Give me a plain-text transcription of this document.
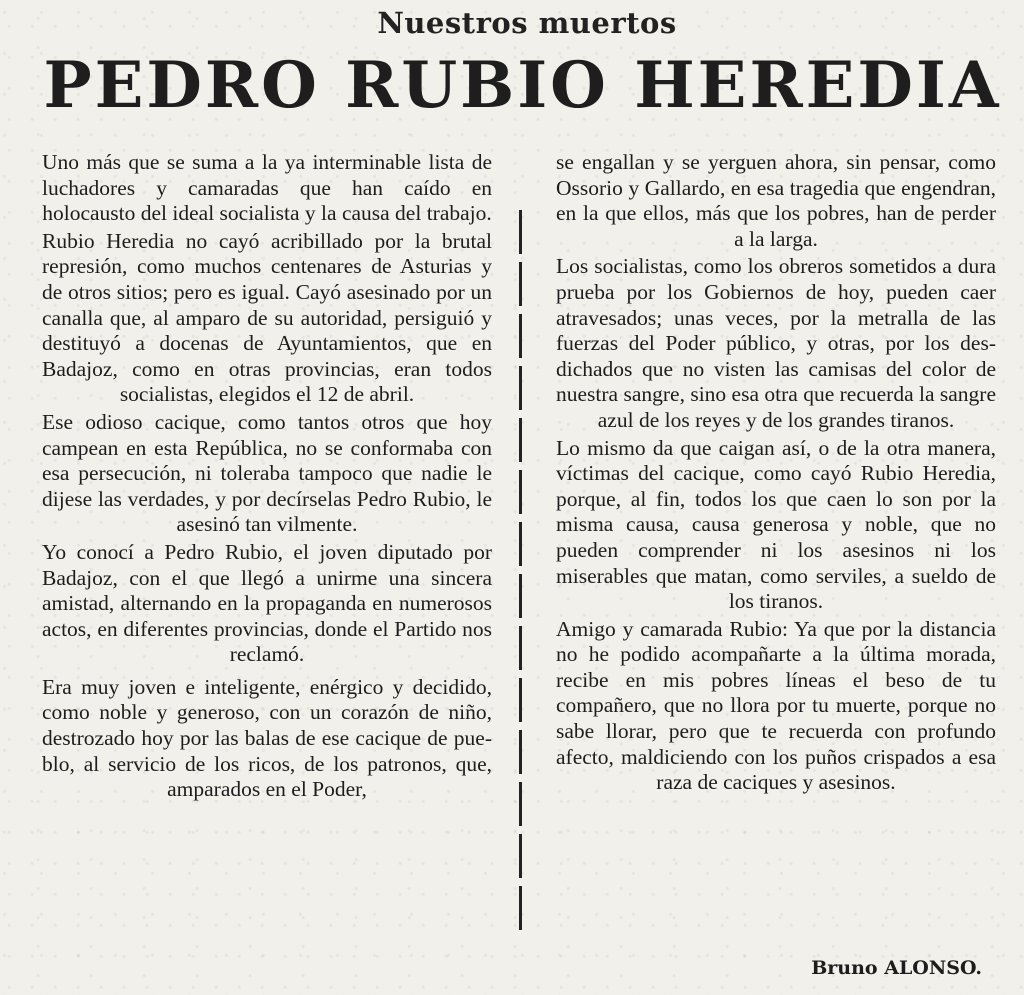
Nuestros muertos
PEDRO RUBIO HEREDIA

Uno más que se suma a la ya interminable lista de luchadores y camaradas que han caído en holocausto del ideal socialista y la causa del trabajo.

Rubio Heredia no cayó acribillado por la brutal represión, como muchos centenares de Asturias y de otros sitios; pero es igual. Cayó asesinado por un canalla que, al amparo de su autoridad, persiguió y destituyó a docenas de Ayuntamientos, que en Badajoz, como en otras provincias, eran todos socialistas, elegidos el 12 de abril.

Ese odioso cacique, como tantos otros que hoy campean en esta República, no se conformaba con esa persecución, ni toleraba tampoco que nadie le dijese las verdades, y por decírselas Pedro Rubio, le asesinó tan vilmente.

Yo conocí a Pedro Rubio, el joven diputado por Badajoz, con el que llegó a unirme una sincera amistad, alternando en la propaganda en numerosos actos, en diferentes provincias, donde el Partido nos reclamó.

Era muy joven e inteligente, enérgico y decidido, como noble y generoso, con un corazón de niño, destrozado hoy por las balas de ese cacique de pueblo, al servicio de los ricos, de los patronos, que, amparados en el Poder,

se engallan y se yerguen ahora, sin pensar, como Ossorio y Gallardo, en esa tragedia que engendran, en la que ellos, más que los pobres, han de perder a la larga.

Los socialistas, como los obreros sometidos a dura prueba por los Gobiernos de hoy, pueden caer atravesados; unas veces, por la metralla de las fuerzas del Poder público, y otras, por los desdichados que no visten las camisas del color de nuestra sangre, sino esa otra que recuerda la sangre azul de los reyes y de los grandes tiranos.

Lo mismo da que caigan así, o de la otra manera, víctimas del cacique, como cayó Rubio Heredia, porque, al fin, todos los que caen lo son por la misma causa, causa generosa y noble, que no pueden comprender ni los asesinos ni los miserables que matan, como serviles, a sueldo de los tiranos.

Amigo y camarada Rubio: Ya que por la distancia no he podido acompañarte a la última morada, recibe en mis pobres líneas el beso de tu compañero, que no llora por tu muerte, porque no sabe llorar, pero que te recuerda con profundo afecto, maldiciendo con los puños crispados a esa raza de caciques y asesinos.

Bruno ALONSO.
